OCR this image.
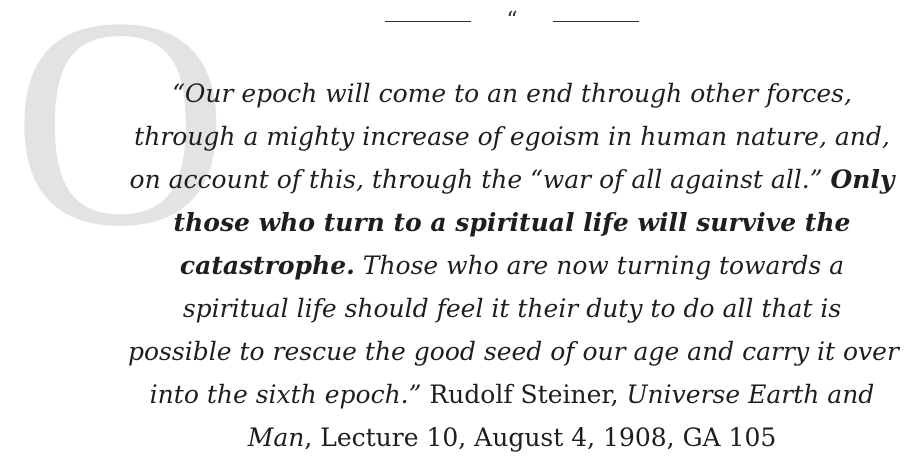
O	“
“Our epoch will come to an end through other forces,
through a mighty increase of egoism in human nature, and,
on account of this, through the “war of all against all.” Only
those who turn to a spiritual life will survive the
catastrophe. Those who are now turning towards a
spiritual life should feel it their duty to do all that is
possible to rescue the good seed of our age and carry it over
into the sixth epoch.” Rudolf Steiner, Universe Earth and
Man, Lecture 10, August 4, 1908, GA 105
